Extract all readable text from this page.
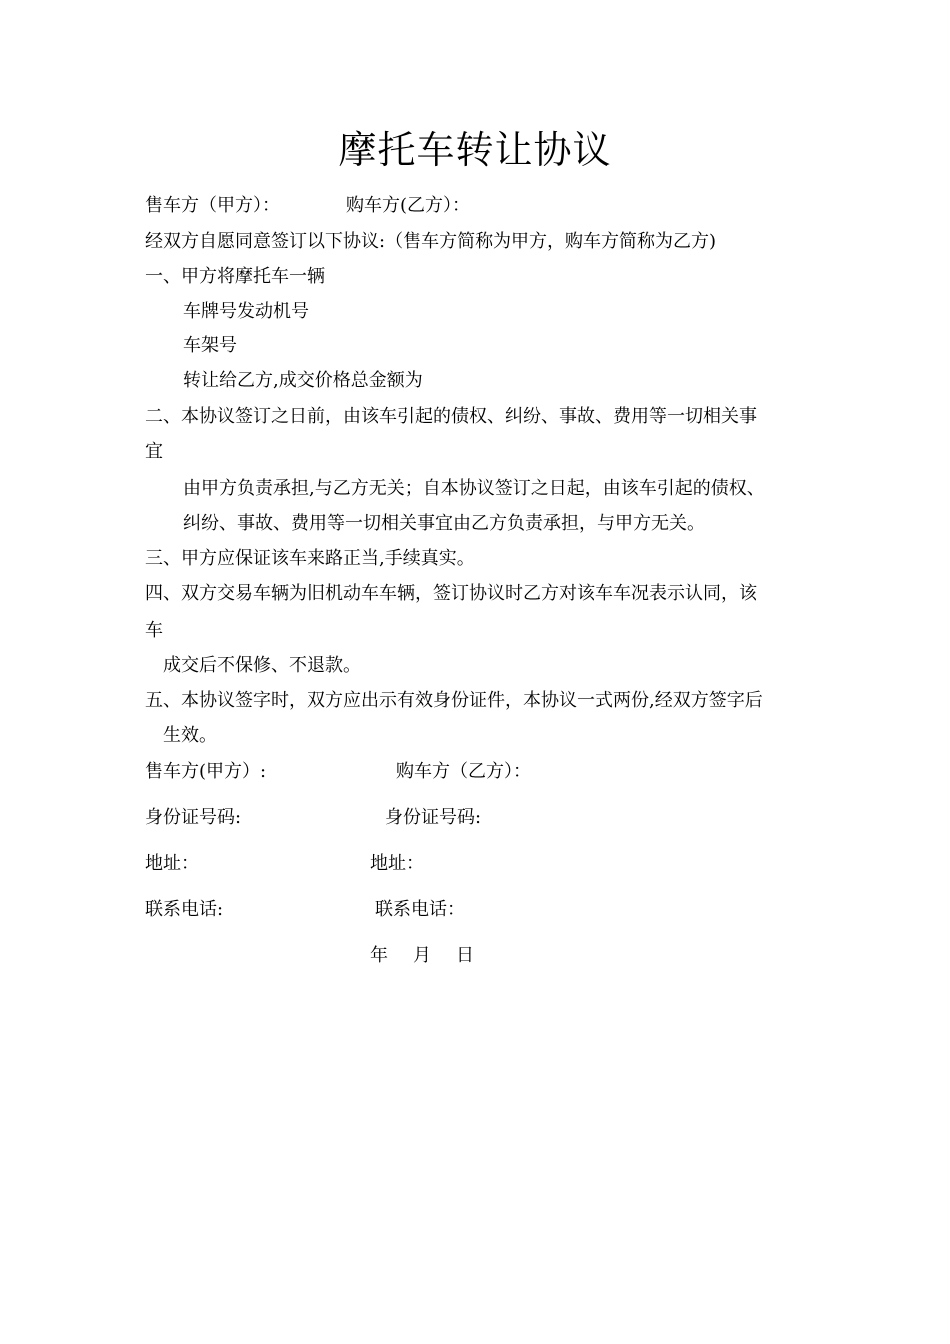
摩托车转让协议
售车方（甲方）：	购车方(乙方）：
经双方自愿同意签订以下协议:（售车方简称为甲方，购车方简称为乙方)
一、甲方将摩托车一辆
车牌号发动机号
车架号
转让给乙方,成交价格总金额为
二、本协议签订之日前，由该车引起的债权、纠纷、事故、费用等一切相关事
宜
由甲方负责承担,与乙方无关；自本协议签订之日起，由该车引起的债权、
纠纷、事故、费用等一切相关事宜由乙方负责承担，与甲方无关。
三、甲方应保证该车来路正当,手续真实。
四、双方交易车辆为旧机动车车辆，签订协议时乙方对该车车况表示认同，该
车
成交后不保修、不退款。
五、本协议签字时，双方应出示有效身份证件，本协议一式两份,经双方签字后
生效。
售车方(甲方）:	购车方（乙方）：
身份证号码:	身份证号码:
地址：	地址：
联系电话:	联系电话：
年 月 日
